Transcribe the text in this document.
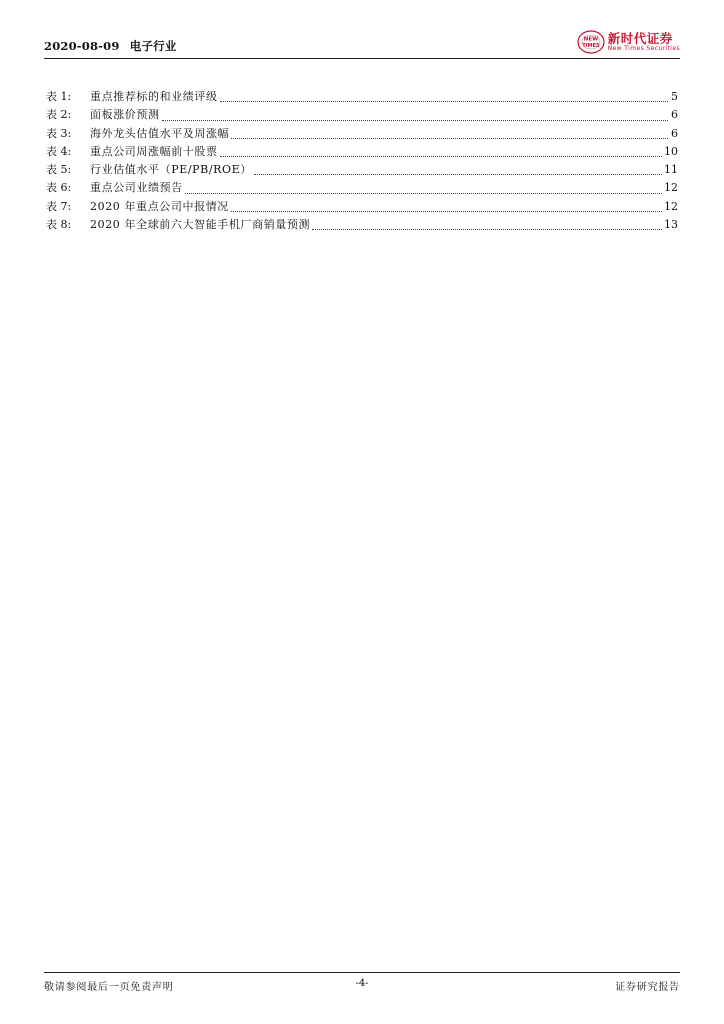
2020-08-09 电子行业	NEW
TIMES
新时代证券
New Times Securities
表 1:	重点推荐标的和业绩评级	5
表 2:	面板涨价预测	6
表 3:	海外龙头估值水平及周涨幅	6
表 4:	重点公司周涨幅前十股票	10
表 5:	行业估值水平（PE/PB/ROE）	11
表 6:	重点公司业绩预告	12
表 7:	2020 年重点公司中报情况	12
表 8:	2020 年全球前六大智能手机厂商销量预测	13
敬请参阅最后一页免责声明	-4-	证券研究报告
